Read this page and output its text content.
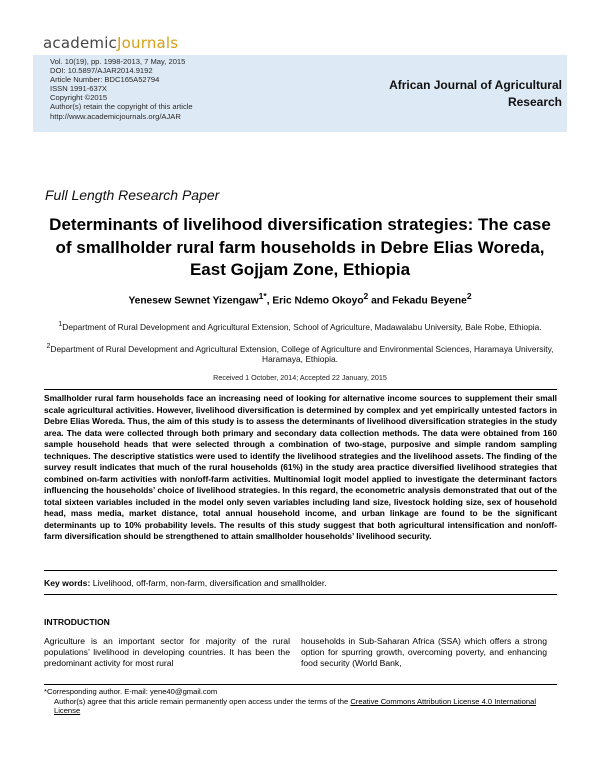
academicJournals
Vol. 10(19), pp. 1998-2013, 7 May, 2015
DOI: 10.5897/AJAR2014.9192
Article Number: BDC165A52794
ISSN 1991-637X
Copyright ©2015
Author(s) retain the copyright of this article
http://www.academicjournals.org/AJAR
African Journal of Agricultural
Research
Full Length Research Paper
Determinants of livelihood diversification strategies: The case of smallholder rural farm households in Debre Elias Woreda, East Gojjam Zone, Ethiopia
Yenesew Sewnet Yizengaw$^{1*}$, Eric Ndemo Okoyo$^2$ and Fekadu Beyene$^2$
$^1$Department of Rural Development and Agricultural Extension, School of Agriculture, Madawalabu University, Bale Robe, Ethiopia.
$^2$Department of Rural Development and Agricultural Extension, College of Agriculture and Environmental Sciences, Haramaya University, Haramaya, Ethiopia.
Received 1 October, 2014; Accepted 22 January, 2015
Smallholder rural farm households face an increasing need of looking for alternative income sources to supplement their small scale agricultural activities. However, livelihood diversification is determined by complex and yet empirically untested factors in Debre Elias Woreda. Thus, the aim of this study is to assess the determinants of livelihood diversification strategies in the study area. The data were collected through both primary and secondary data collection methods. The data were obtained from 160 sample household heads that were selected through a combination of two-stage, purposive and simple random sampling techniques. The descriptive statistics were used to identify the livelihood strategies and the livelihood assets. The finding of the survey result indicates that much of the rural households (61%) in the study area practice diversified livelihood strategies that combined on-farm activities with non/off-farm activities. Multinomial logit model applied to investigate the determinant factors influencing the households’ choice of livelihood strategies. In this regard, the econometric analysis demonstrated that out of the total sixteen variables included in the model only seven variables including land size, livestock holding size, sex of household head, mass media, market distance, total annual household income, and urban linkage are found to be the significant determinants up to 10% probability levels. The results of this study suggest that both agricultural intensification and non/off-farm diversification should be strengthened to attain smallholder households’ livelihood security.
Key words: Livelihood, off-farm, non-farm, diversification and smallholder.
INTRODUCTION
Agriculture is an important sector for majority of the rural populations’ livelihood in developing countries. It has been the predominant activity for most rural
households in Sub-Saharan Africa (SSA) which offers a strong option for spurring growth, overcoming poverty, and enhancing food security (World Bank,
*Corresponding author. E-mail: yene40@gmail.com
Author(s) agree that this article remain permanently open access under the terms of the Creative Commons Attribution License 4.0 International License
